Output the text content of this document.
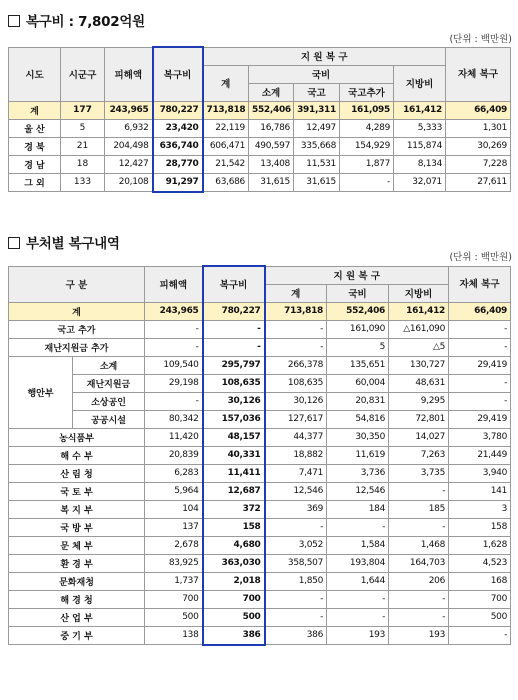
복구비 : 7,802억원
(단위 : 백만원)
시도	시군구	피해액	복구비	지 원 복 구					자체 복구
				계	국비			지방비	
					소계	국고	국고추가		
계	177	243,965	780,227	713,818	552,406	391,311	161,095	161,412	66,409
울 산	5	6,932	23,420	22,119	16,786	12,497	4,289	5,333	1,301
경 북	21	204,498	636,740	606,471	490,597	335,668	154,929	115,874	30,269
경 남	18	12,427	28,770	21,542	13,408	11,531	1,877	8,134	7,228
그 외	133	20,108	91,297	63,686	31,615	31,615	-	32,071	27,611
부처별 복구내역
(단위 : 백만원)
구 분		피해액	복구비	지 원 복 구			자체 복구
				계	국비	지방비	
계		243,965	780,227	713,818	552,406	161,412	66,409
국고 추가		-	-	-	161,090	△161,090	-
재난지원금 추가		-	-	-	5	△5	-
행안부	소계	109,540	295,797	266,378	135,651	130,727	29,419
	재난지원금	29,198	108,635	108,635	60,004	48,631	-
	소상공인	-	30,126	30,126	20,831	9,295	-
	공공시설	80,342	157,036	127,617	54,816	72,801	29,419
농식품부		11,420	48,157	44,377	30,350	14,027	3,780
해 수 부		20,839	40,331	18,882	11,619	7,263	21,449
산 림 청		6,283	11,411	7,471	3,736	3,735	3,940
국 토 부		5,964	12,687	12,546	12,546	-	141
복 지 부		104	372	369	184	185	3
국 방 부		137	158	-	-	-	158
문 체 부		2,678	4,680	3,052	1,584	1,468	1,628
환 경 부		83,925	363,030	358,507	193,804	164,703	4,523
문화재청		1,737	2,018	1,850	1,644	206	168
해 경 청		700	700	-	-	-	700
산 업 부		500	500	-	-	-	500
중 기 부		138	386	386	193	193	-
